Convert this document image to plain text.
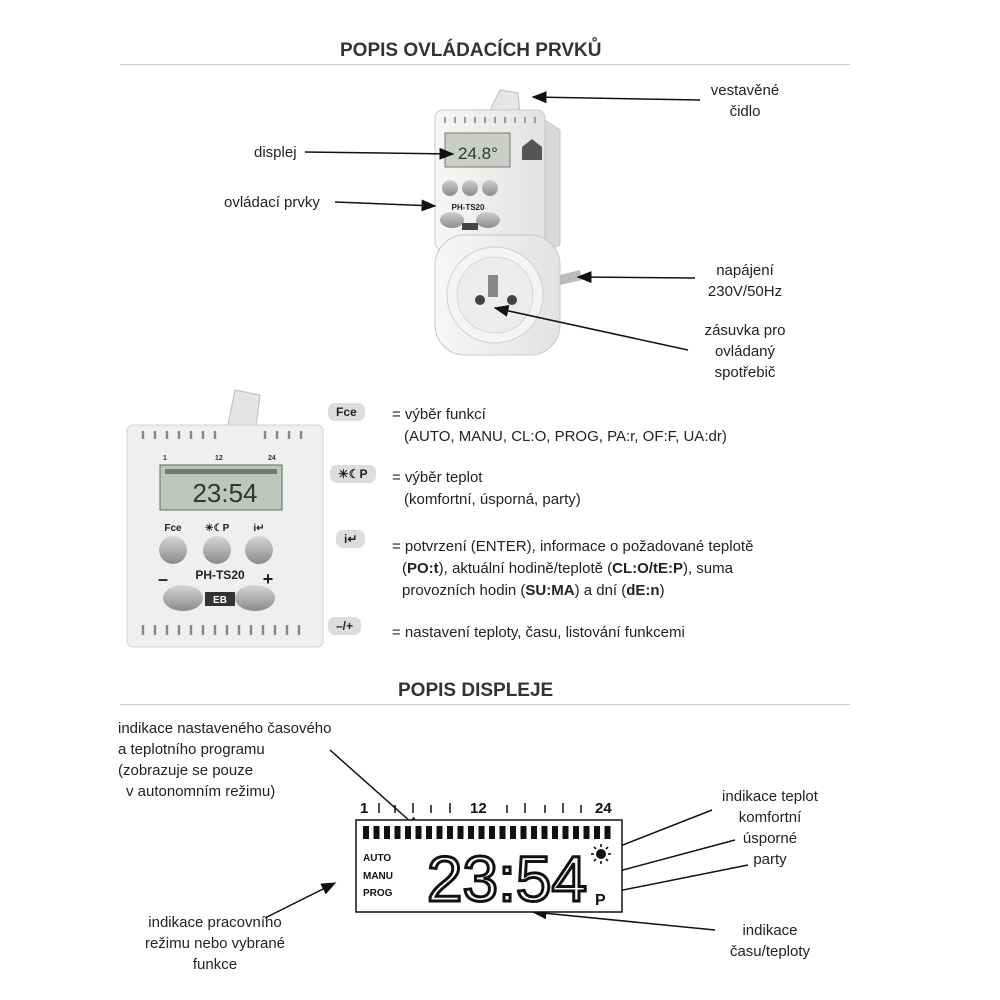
POPIS OVLÁDACÍCH PRVKŮ
24.8°
PH-TS20
vestavěné
čidlo
displej
ovládací prvky
napájení
230V/50Hz
zásuvka pro
ovládaný
spotřebič
1	12	24
23:54
Fce ☀☾P i↵
PH-TS20
–	+
EB
Fce	= výběr funkcí
(AUTO, MANU, CL:O, PROG, PA:r, OF:F, UA:dr)
☀☾P	= výběr teplot
(komfortní, úsporná, party)
i↵	= potvrzení (ENTER), informace o požadované teplotě
(PO:t), aktuální hodině/teplotě (CL:O/tE:P), suma
provozních hodin (SU:MA) a dní (dE:n)
–/+	= nastavení teploty, času, listování funkcemi
POPIS DISPLEJE
indikace nastaveného časového
a teplotního programu
(zobrazuje se pouze
v autonomním režimu)
indikace pracovního
režimu nebo vybrané
funkce
indikace teplot
komfortní
úsporné
party
indikace
času/teploty
1	12	24
AUTO
MANU
PROG 23:54 P
